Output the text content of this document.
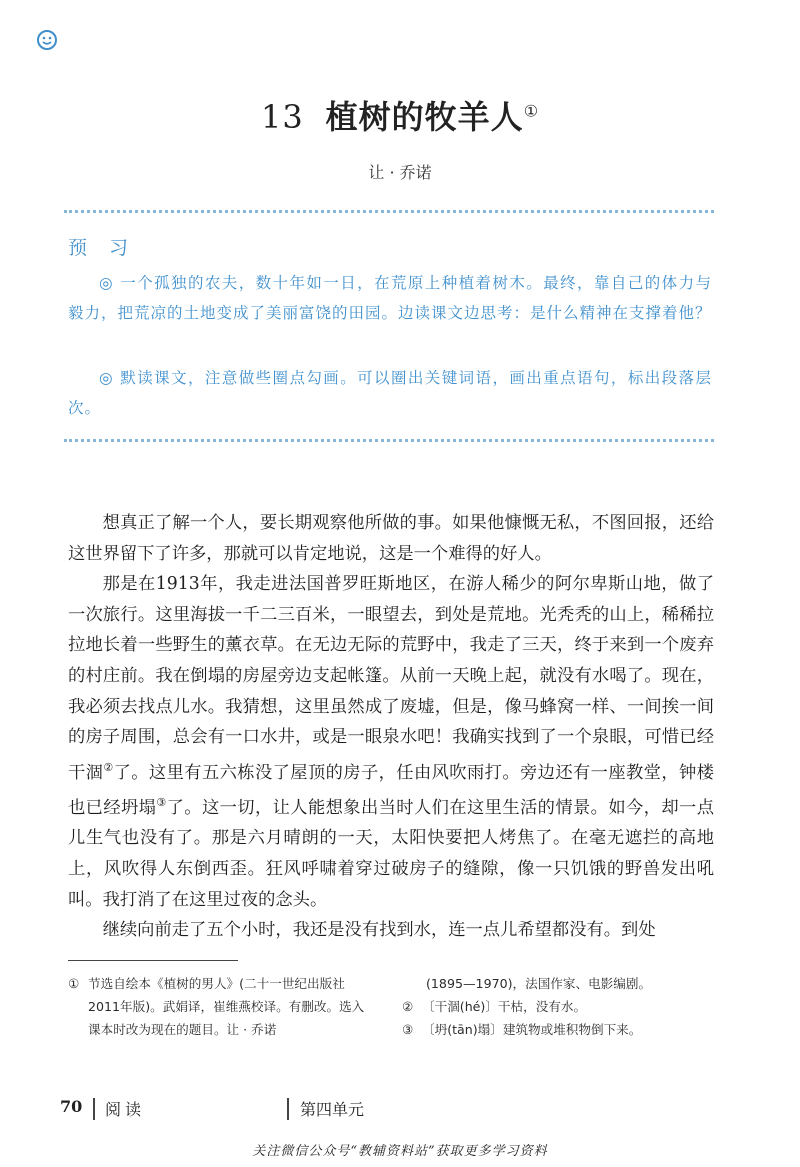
13 植树的牧羊人①
让 · 乔诺
预 习
◎ 一个孤独的农夫，数十年如一日，在荒原上种植着树木。最终，靠自己的体力与毅力，把荒凉的土地变成了美丽富饶的田园。边读课文边思考：是什么精神在支撑着他？
◎ 默读课文，注意做些圈点勾画。可以圈出关键词语，画出重点语句，标出段落层次。

想真正了解一个人，要长期观察他所做的事。如果他慷慨无私，不图回报，还给这世界留下了许多，那就可以肯定地说，这是一个难得的好人。

那是在1913年，我走进法国普罗旺斯地区，在游人稀少的阿尔卑斯山地，做了一次旅行。这里海拔一千二三百米，一眼望去，到处是荒地。光秃秃的山上，稀稀拉拉地长着一些野生的薰衣草。在无边无际的荒野中，我走了三天，终于来到一个废弃的村庄前。我在倒塌的房屋旁边支起帐篷。从前一天晚上起，就没有水喝了。现在，我必须去找点儿水。我猜想，这里虽然成了废墟，但是，像马蜂窝一样、一间挨一间的房子周围，总会有一口水井，或是一眼泉水吧！我确实找到了一个泉眼，可惜已经干涸②了。这里有五六栋没了屋顶的房子，任由风吹雨打。旁边还有一座教堂，钟楼也已经坍塌③了。这一切，让人能想象出当时人们在这里生活的情景。如今，却一点儿生气也没有了。那是六月晴朗的一天，太阳快要把人烤焦了。在毫无遮拦的高地上，风吹得人东倒西歪。狂风呼啸着穿过破房子的缝隙，像一只饥饿的野兽发出吼叫。我打消了在这里过夜的念头。

继续向前走了五个小时，我还是没有找到水，连一点儿希望都没有。到处

① 节选自绘本《植树的男人》(二十一世纪出版社2011年版)。武娟译，崔维燕校译。有删改。选入课本时改为现在的题目。让 · 乔诺

(1895—1970)，法国作家、电影编剧。

② 〔干涸(hé)〕干枯，没有水。

③ 〔坍(tān)塌〕建筑物或堆积物倒下来。

70 阅读	第四单元
关注微信公众号“教辅资料站”获取更多学习资料
